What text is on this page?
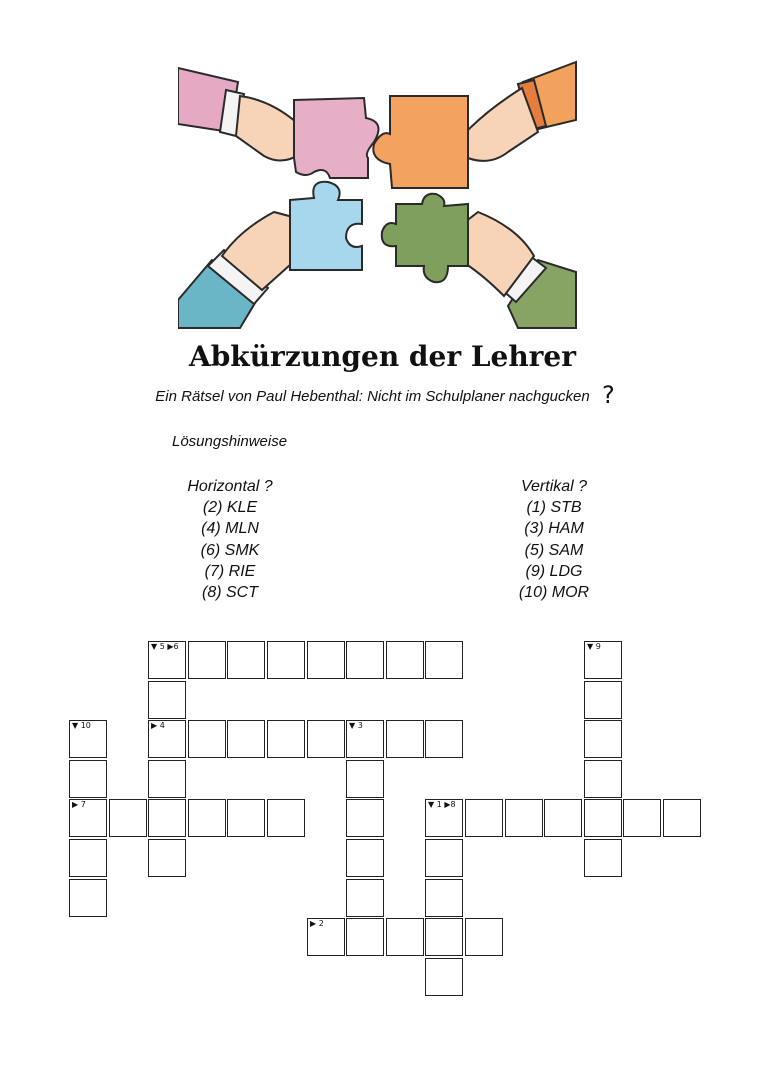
Abkürzungen der Lehrer
Ein Rätsel von Paul Hebenthal: Nicht im Schulplaner nachgucken ?
Lösungshinweise
Horizontal ?
(2) KLE
(4) MLN
(6) SMK
(7) RIE
(8) SCT
Vertikal ?
(1) STB
(3) HAM
(5) SAM
(9) LDG
(10) MOR
▼ 5 ▶6	▼ 9
▼ 10	▶ 4	▼ 3
▶ 7	▼ 1 ▶8
▶ 2
